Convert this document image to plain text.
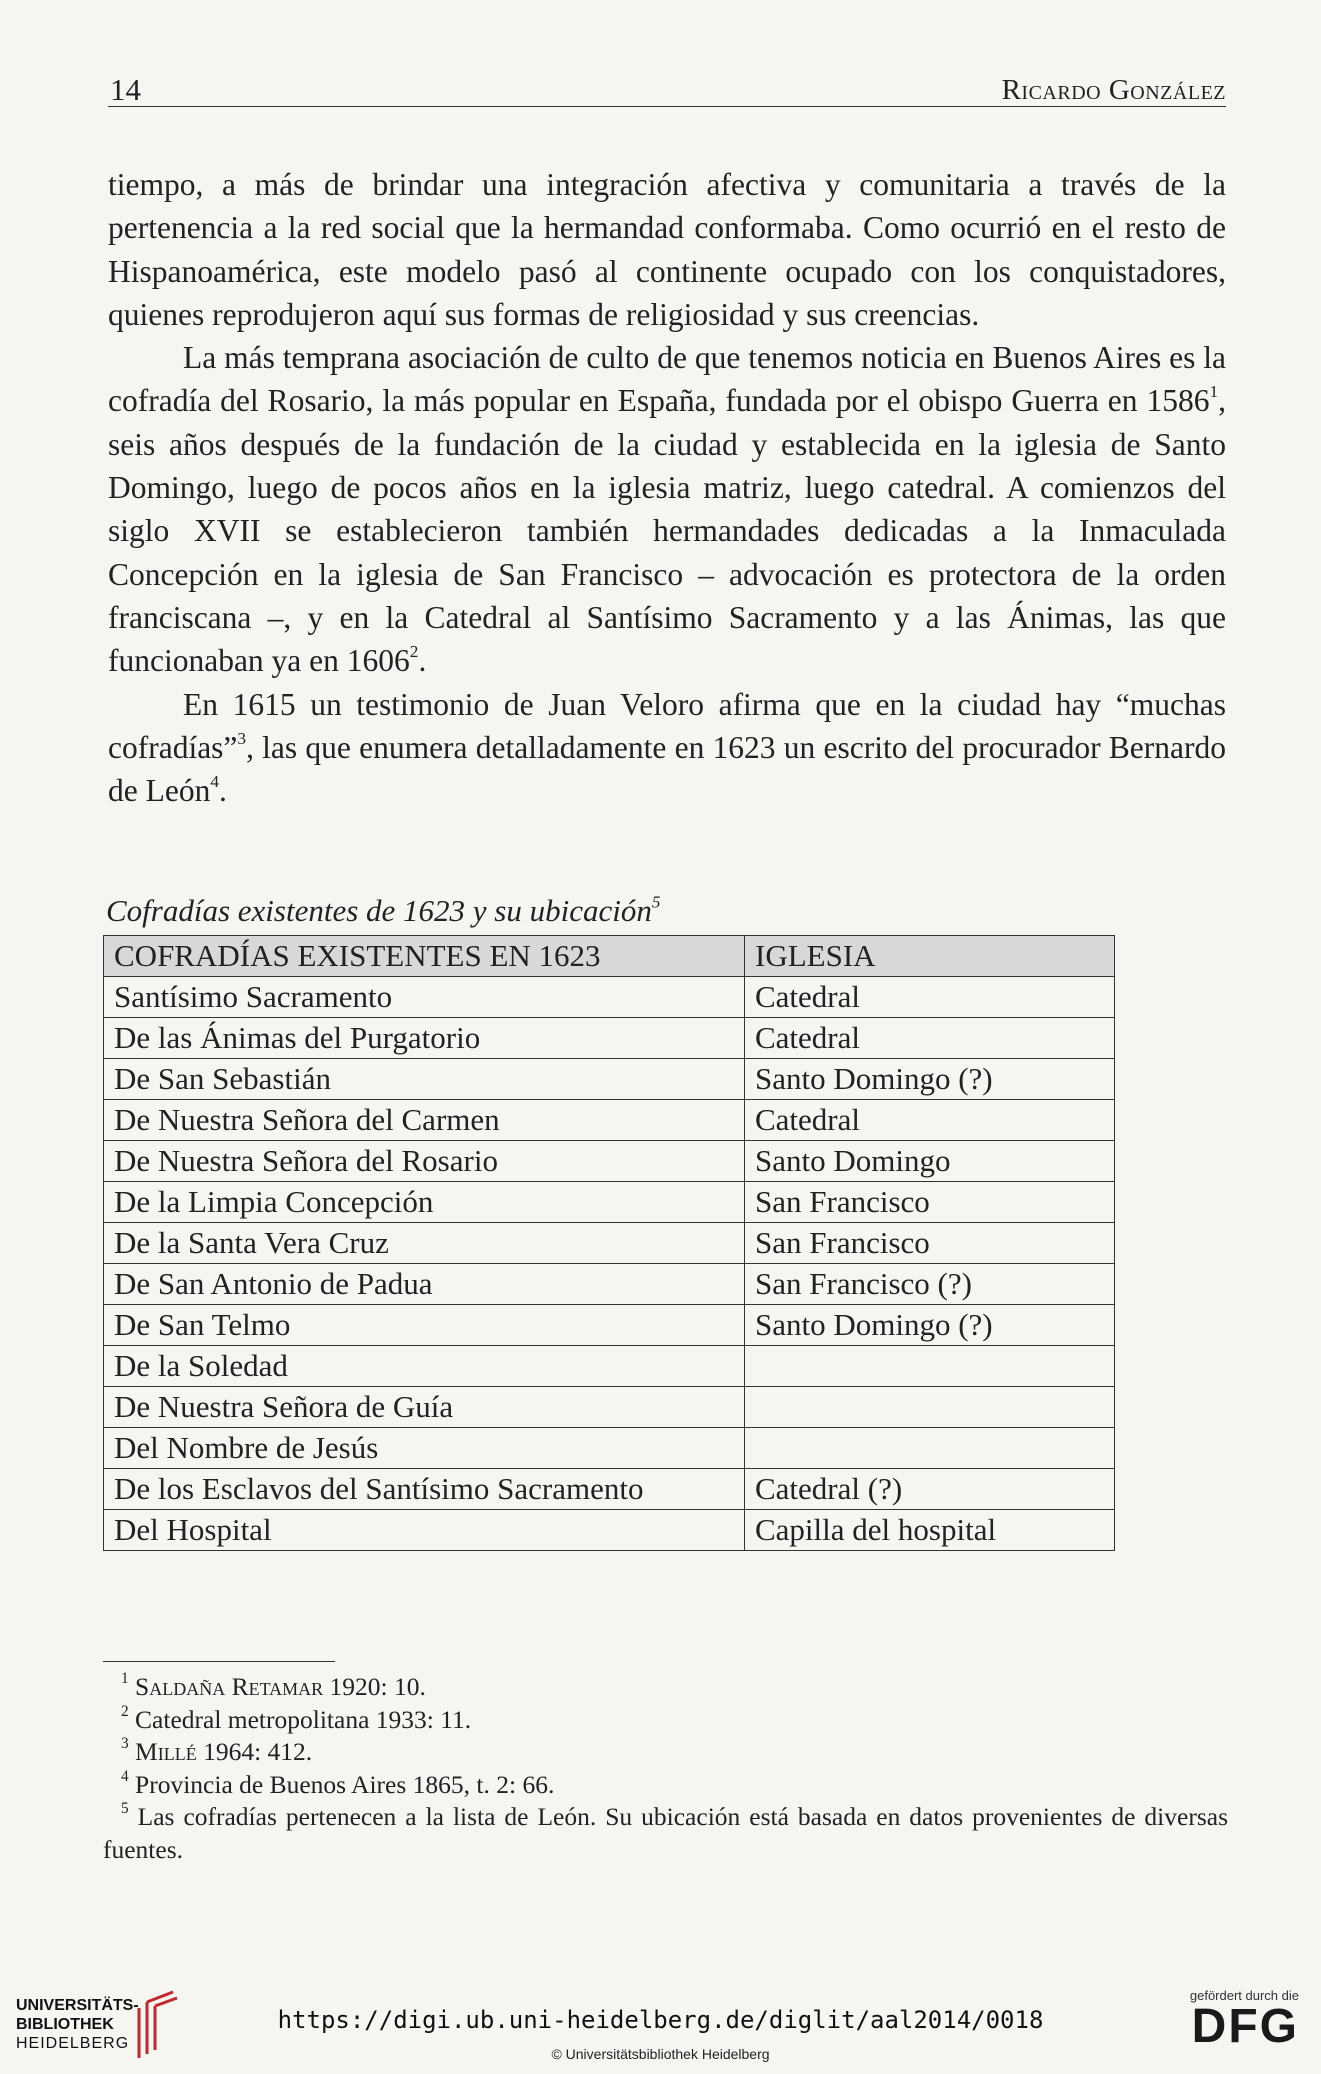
14	Ricardo González

tiempo, a más de brindar una integración afectiva y comunitaria a través de la pertenencia a la red social que la hermandad conformaba. Como ocurrió en el resto de Hispanoamérica, este modelo pasó al continente ocupado con los conquistadores, quienes reprodujeron aquí sus formas de religiosidad y sus creencias.

La más temprana asociación de culto de que tenemos noticia en Buenos Aires es la cofradía del Rosario, la más popular en España, fundada por el obispo Guerra en 1586$^1$, seis años después de la fundación de la ciudad y establecida en la iglesia de Santo Domingo, luego de pocos años en la iglesia matriz, luego catedral. A comienzos del siglo XVII se establecieron también hermandades dedicadas a la Inmaculada Concepción en la iglesia de San Francisco – advocación es protectora de la orden franciscana –, y en la Catedral al Santísimo Sacramento y a las Ánimas, las que funcionaban ya en 1606$^2$.

En 1615 un testimonio de Juan Veloro afirma que en la ciudad hay “muchas cofradías”$^3$, las que enumera detalladamente en 1623 un escrito del procurador Bernardo de León$^4$.

Cofradías existentes de 1623 y su ubicación$^5$
COFRADÍAS EXISTENTES EN 1623	IGLESIA
Santísimo Sacramento	Catedral
De las Ánimas del Purgatorio	Catedral
De San Sebastián	Santo Domingo (?)
De Nuestra Señora del Carmen	Catedral
De Nuestra Señora del Rosario	Santo Domingo
De la Limpia Concepción	San Francisco
De la Santa Vera Cruz	San Francisco
De San Antonio de Padua	San Francisco (?)
De San Telmo	Santo Domingo (?)
De la Soledad	
De Nuestra Señora de Guía	
Del Nombre de Jesús	
De los Esclavos del Santísimo Sacramento	Catedral (?)
Del Hospital	Capilla del hospital

$^1$ Saldaña Retamar 1920: 10.

$^2$ Catedral metropolitana 1933: 11.

$^3$ Millé 1964: 412.

$^4$ Provincia de Buenos Aires 1865, t. 2: 66.

$^5$ Las cofradías pertenecen a la lista de León. Su ubicación está basada en datos provenientes de diversas fuentes.

UNIVERSITÄTS-
BIBLIOTHEK
HEIDELBERG
https://digi.ub.uni-heidelberg.de/diglit/aal2014/0018
© Universitätsbibliothek Heidelberg
gefördert durch die
DFG
